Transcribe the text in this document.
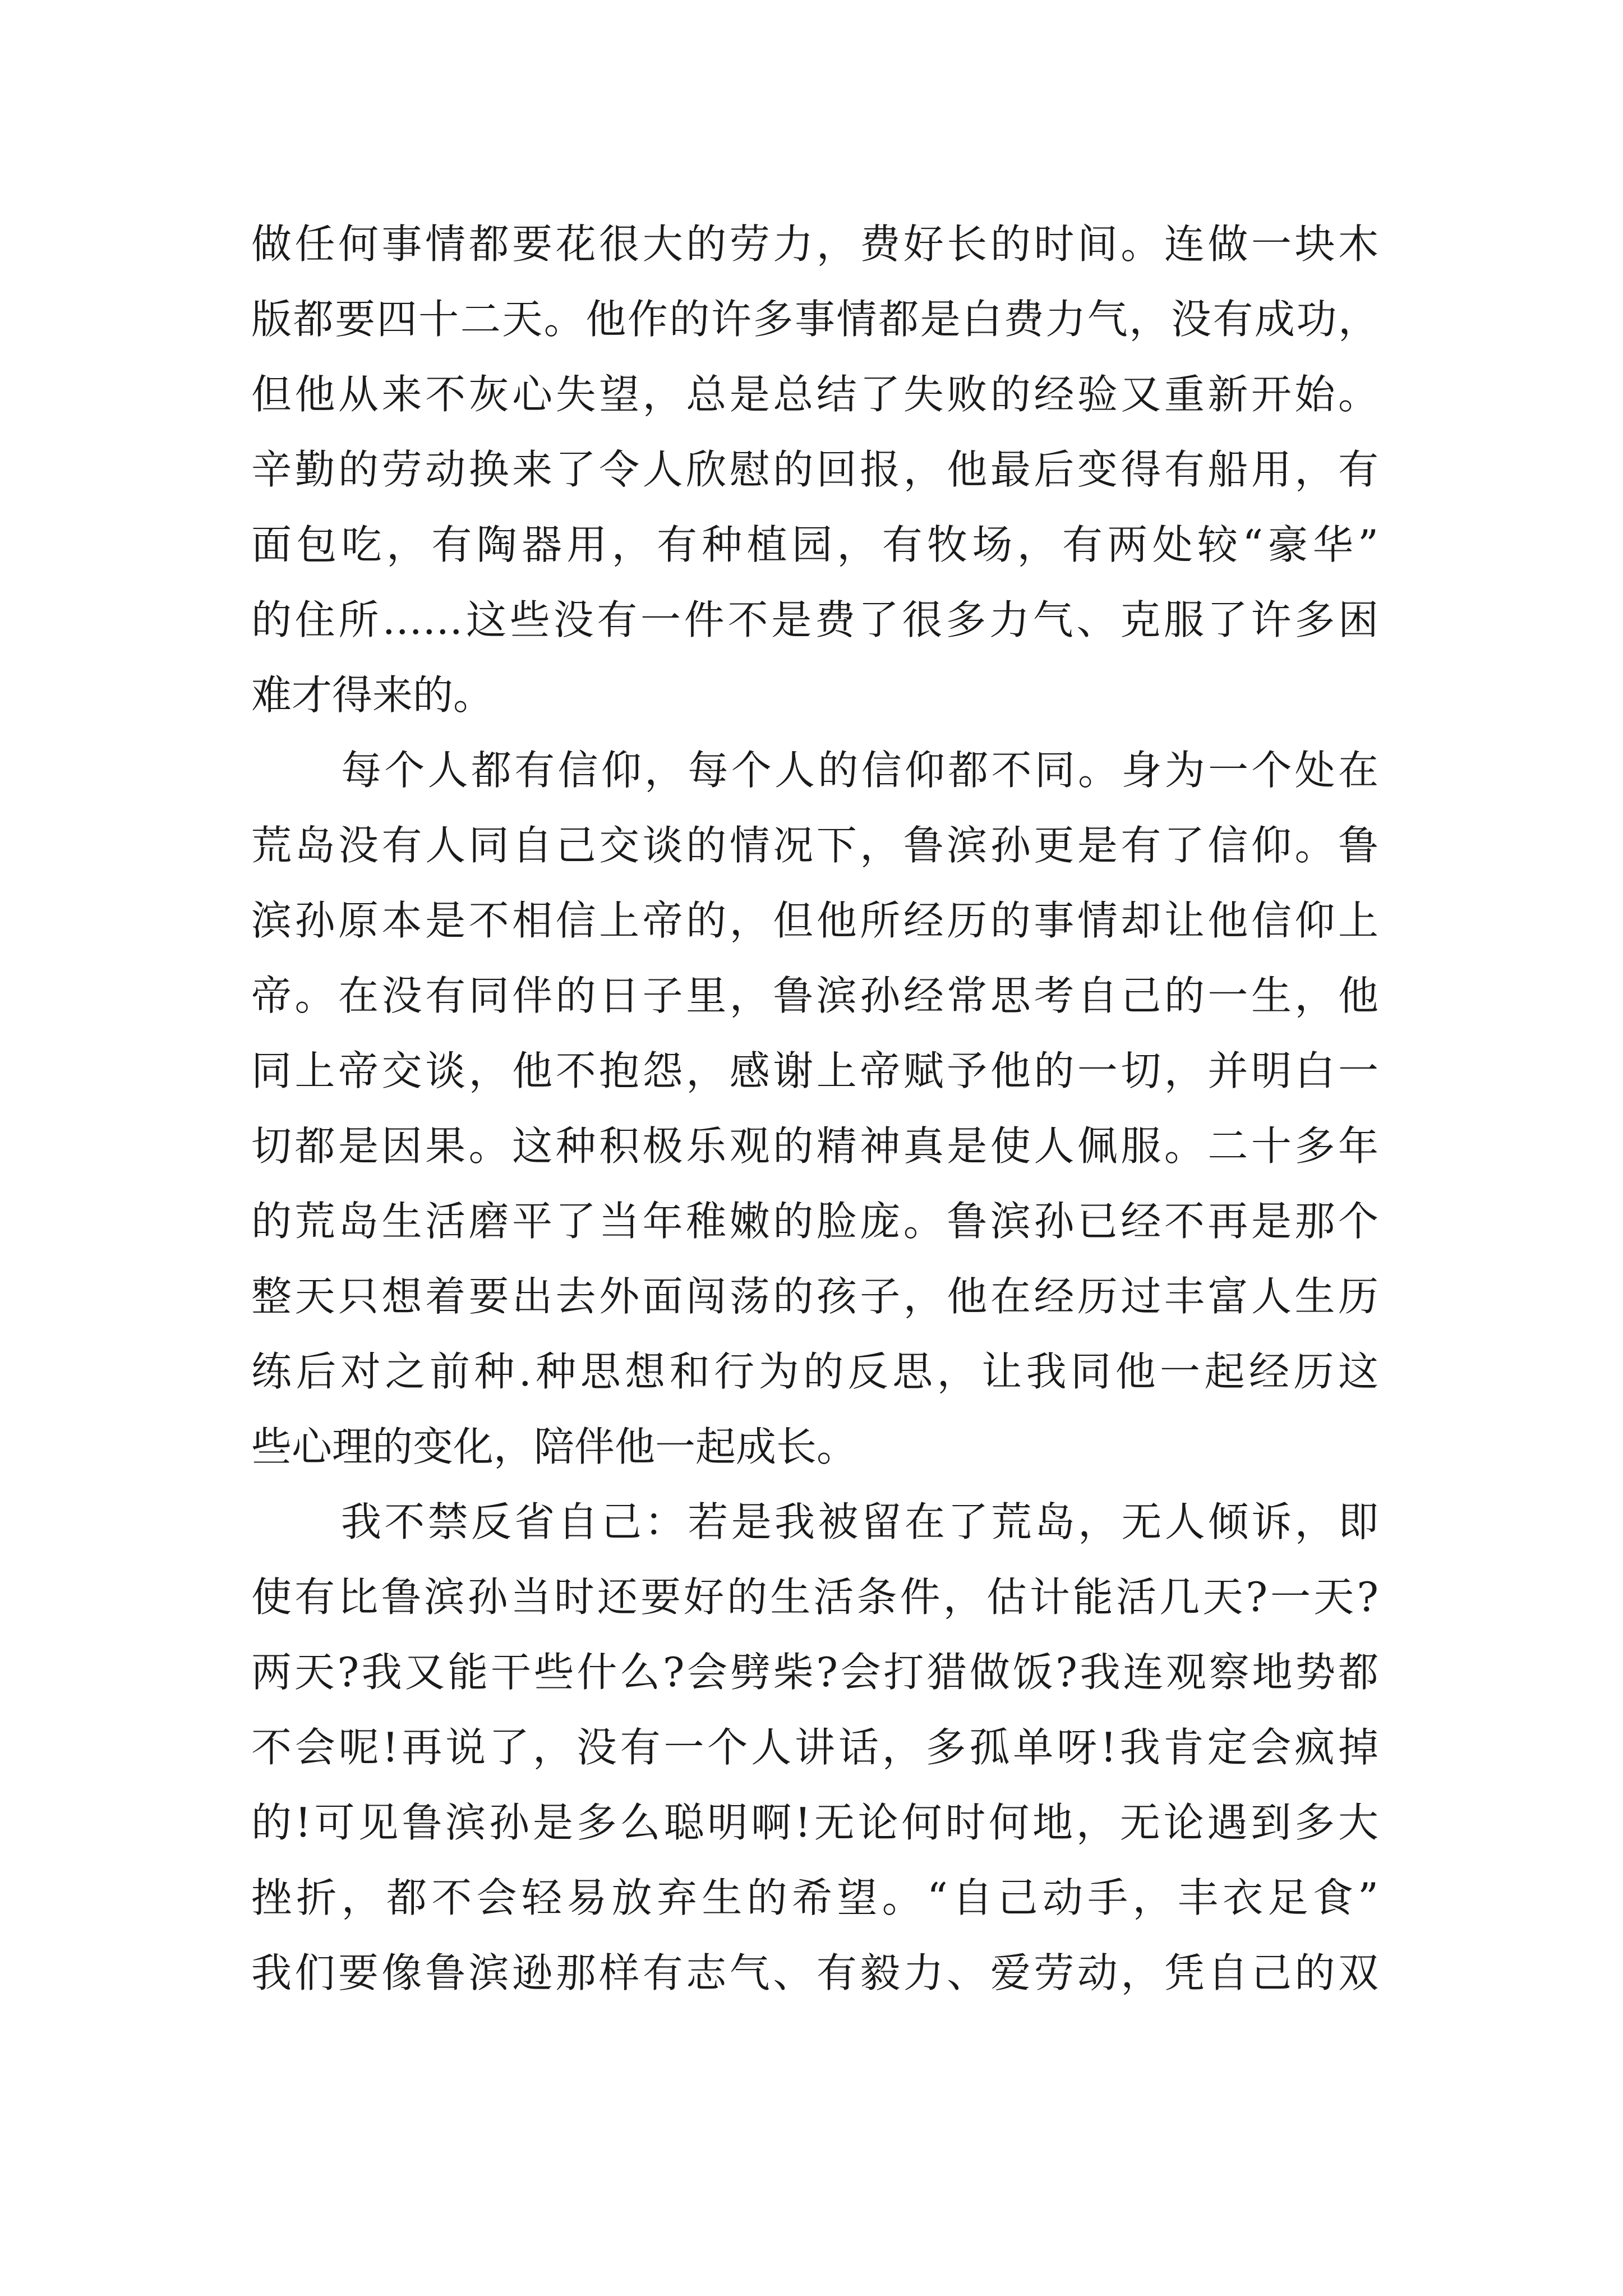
做任何事情都要花很大的劳力，费好长的时间。连做一块木
版都要四十二天。他作的许多事情都是白费力气，没有成功，
但他从来不灰心失望，总是总结了失败的经验又重新开始。
辛勤的劳动换来了令人欣慰的回报，他最后变得有船用，有
面包吃，有陶器用，有种植园，有牧场，有两处较“豪华”
的住所……这些没有一件不是费了很多力气、克服了许多困
难才得来的。
每个人都有信仰，每个人的信仰都不同。身为一个处在
荒岛没有人同自己交谈的情况下，鲁滨孙更是有了信仰。鲁
滨孙原本是不相信上帝的，但他所经历的事情却让他信仰上
帝。在没有同伴的日子里，鲁滨孙经常思考自己的一生，他
同上帝交谈，他不抱怨，感谢上帝赋予他的一切，并明白一
切都是因果。这种积极乐观的精神真是使人佩服。二十多年
的荒岛生活磨平了当年稚嫩的脸庞。鲁滨孙已经不再是那个
整天只想着要出去外面闯荡的孩子，他在经历过丰富人生历
练后对之前种.种思想和行为的反思，让我同他一起经历这
些心理的变化，陪伴他一起成长。
我不禁反省自己：若是我被留在了荒岛，无人倾诉，即
使有比鲁滨孙当时还要好的生活条件，估计能活几天?一天?
两天?我又能干些什么?会劈柴?会打猎做饭?我连观察地势都
不会呢!再说了，没有一个人讲话，多孤单呀!我肯定会疯掉
的!可见鲁滨孙是多么聪明啊!无论何时何地，无论遇到多大
挫折，都不会轻易放弃生的希望。“自己动手，丰衣足食”
我们要像鲁滨逊那样有志气、有毅力、爱劳动，凭自己的双
